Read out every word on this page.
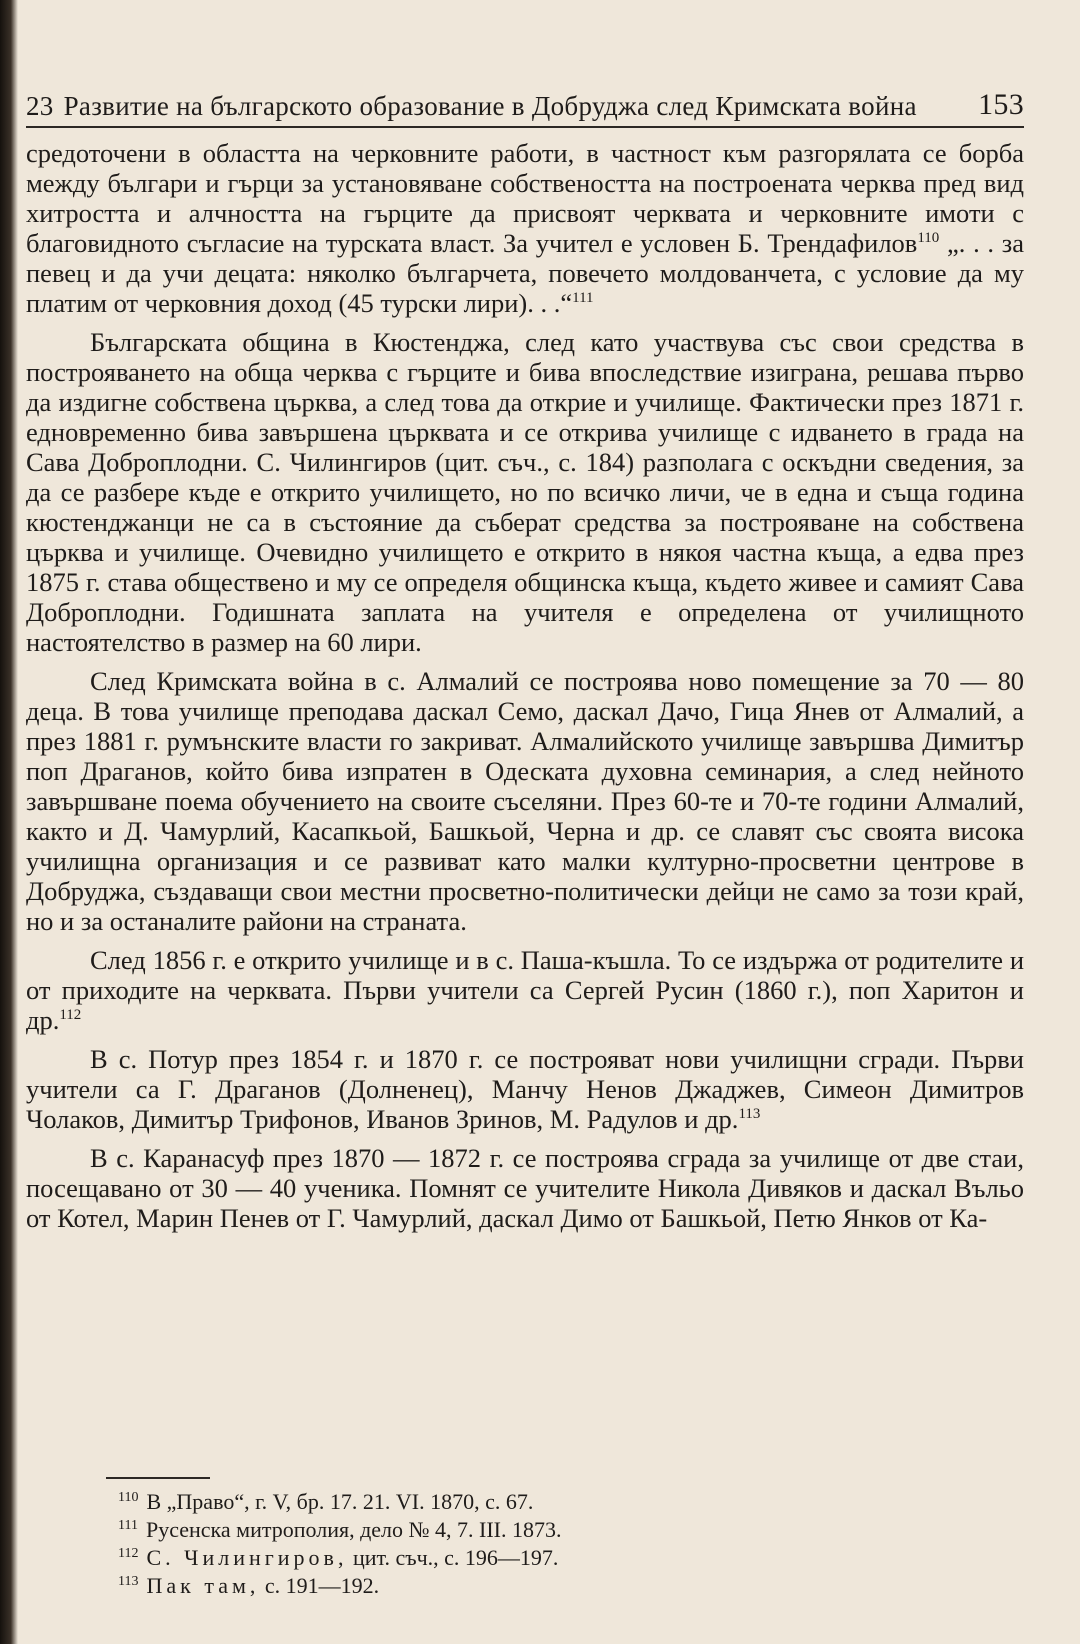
23 Развитие на българското образование в Добруджа след Кримската война	153

средоточени в областта на черковните работи, в частност към разгорялата се борба между българи и гърци за установяване собствеността на построената черква пред вид хитростта и алчността на гърците да присвоят черквата и черковните имоти с благовидното съгласие на турската власт. За учител е условен Б. Трендафилов$^{110}$ „. . . за певец и да учи децата: няколко българчета, повечето молдованчета, с условие да му платим от черковния доход (45 турски лири). . .“$^{111}$

Българската община в Кюстенджа, след като участвува със свои средства в построяването на обща черква с гърците и бива впоследствие изиграна, решава първо да издигне собствена църква, а след това да открие и училище. Фактически през 1871 г. едновременно бива завършена църквата и се открива училище с идването в града на Сава Доброплодни. С. Чилингиров (цит. съч., с. 184) разполага с оскъдни сведения, за да се разбере къде е открито училището, но по всичко личи, че в една и съща година кюстенджанци не са в състояние да съберат средства за построяване на собствена църква и училище. Очевидно училището е открито в някоя частна къща, а едва през 1875 г. става обществено и му се определя общинска къща, където живее и самият Сава Доброплодни. Годишната заплата на учителя е определена от училищното настоятелство в размер на 60 лири.

След Кримската война в с. Алмалий се построява ново помещение за 70 — 80 деца. В това училище преподава даскал Семо, даскал Дачо, Гица Янев от Алмалий, а през 1881 г. румънските власти го закриват. Алмалийското училище завършва Димитър поп Драганов, който бива изпратен в Одеската духовна семинария, а след нейното завършване поема обучението на своите съселяни. През 60-те и 70-те години Алмалий, както и Д. Чамурлий, Касапкьой, Башкьой, Черна и др. се славят със своята висока училищна организация и се развиват като малки културно-просветни центрове в Добруджа, създаващи свои местни просветно-политически дейци не само за този край, но и за останалите райони на страната.

След 1856 г. е открито училище и в с. Паша-къшла. То се издържа от родителите и от приходите на черквата. Първи учители са Сергей Русин (1860 г.), поп Харитон и др.$^{112}$

В с. Потур през 1854 г. и 1870 г. се построяват нови училищни сгради. Първи учители са Г. Драганов (Долненец), Манчу Ненов Джаджев, Симеон Димитров Чолаков, Димитър Трифонов, Иванов Зринов, М. Радулов и др.$^{113}$

В с. Каранасуф през 1870 — 1872 г. се построява сграда за училище от две стаи, посещавано от 30 — 40 ученика. Помнят се учителите Никола Дивяков и даскал Въльо от Котел, Марин Пенев от Г. Чамурлий, даскал Димо от Башкьой, Петю Янков от Ка-

$^{110}$ В „Право“, г. V, бр. 17. 21. VI. 1870, с. 67.
$^{111}$ Русенска митрополия, дело № 4, 7. III. 1873.
$^{112}$ С. Чилингиров, цит. съч., с. 196—197.
$^{113}$ Пак там, с. 191—192.
